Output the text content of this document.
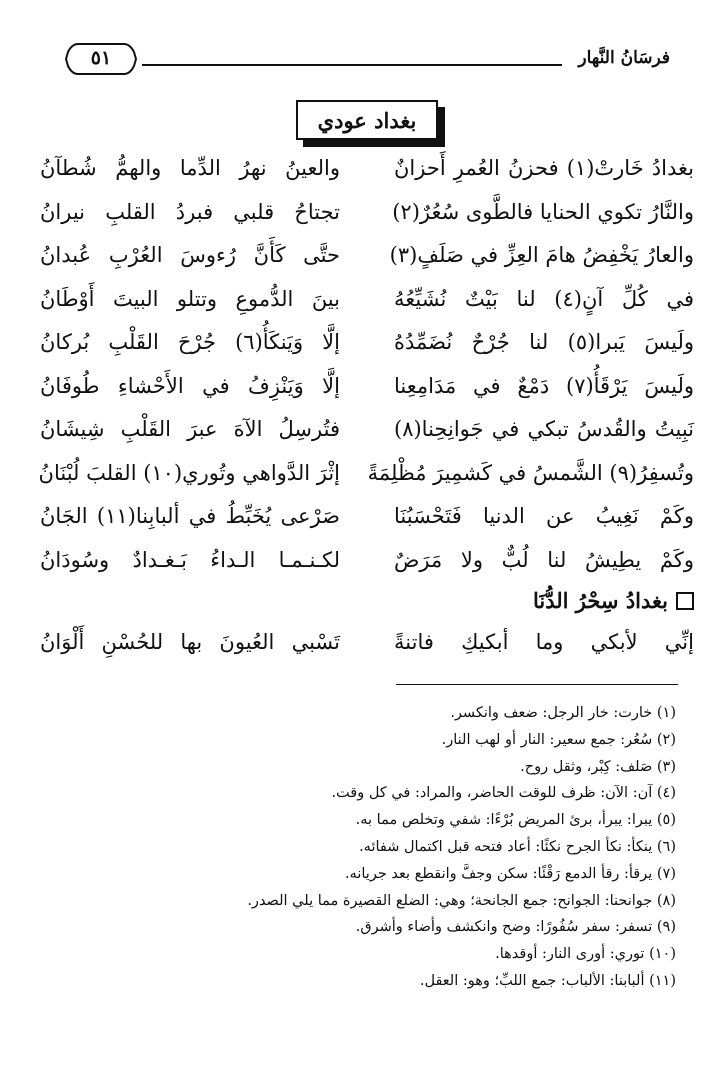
فرسَانُ النَّهار
٥١
بغداد عودي
بغدادُ خَارتْ(١) فحزنُ العُمرِ أَحزانٌ
والعينُ نهرُ الدِّما والهمُّ شُطآنُ
والنَّارُ تكوي الحنايا فالطَّوى سُعُرٌ(٢)
تجتاحُ قلبي فبردُ القلبِ نيرانُ
والعارُ يَخْفِضُ هامَ العِزِّ في صَلَفٍ(٣)
حتَّى كَأَنَّ رُءوسَ العُرْبِ عُبدانُ
في كُلِّ آنٍ(٤) لنا بَيْتٌ نُشَيِّعُهُ
بينَ الدُّموعِ وتتلو البيتَ أَوْطَانُ
ولَيسَ يَبرا(٥) لنا جُرْحٌ نُضَمِّدُهُ
إلَّا وَيَنكَأُ(٦) جُرْحَ القَلْبِ بُركانُ
ولَيسَ يَرْقَأُ(٧) دَمْعٌ في مَدَامِعِنا
إلَّا وَيَنْزِفُ في الأَحْشاءِ طُوفَانُ
نَبِيتُ والقُدسُ تبكي في جَوانِحِنا(٨)
فتُرسِلُ الآهَ عبرَ القَلْبِ شِيشَانُ
وتُسفِرُ(٩) الشَّمسُ في كَشمِيرَ مُظْلِمَةً
إثْرَ الدَّواهي وتُوري(١٠) القلبَ لُبْنَانُ
وكَمْ نَغِيبُ عن الدنيا فَتَحْسَبُنَا
صَرْعى يُخَبِّطُ في ألبابِنا(١١) الجَانُ
وكَمْ يطِيشُ لنا لُبٌّ ولا مَرَضٌ
لكـنـمـا الـداءُ بَـغـدادٌ وسُودَانُ
بغدادُ سِحْرُ الدُّنَا
إنِّي لأبكي وما أبكيكِ فاتنةً
تَسْبي العُيونَ بها للحُسْنِ أَلْوَانُ
(١) خارت: خار الرجل: ضعف وانكسر.
(٢) سُعُر: جمع سعير: النار أو لهب النار.
(٣) صَلف: كِبْر، وثقل روح.
(٤) آن: الآن: ظرف للوقت الحاضر، والمراد: في كل وقت.
(٥) يبرا: يبرأ، برئ المريض بُرْءًا: شفي وتخلص مما به.
(٦) ينكأ: نكأ الجرح نكئًا: أعاد فتحه قبل اكتمال شفائه.
(٧) يرقأ: رقأ الدمع رَقْئًا: سكن وجفَّ وانقطع بعد جريانه.
(٨) جوانحنا: الجوانح: جمع الجانحة؛ وهي: الضلع القصيرة مما يلي الصدر.
(٩) تسفر: سفر سُفُورًا: وضح وانكشف وأضاء وأشرق.
(١٠) توري: أورى النار: أوقدها.
(١١) ألبابنا: الألباب: جمع اللبِّ؛ وهو: العقل.
